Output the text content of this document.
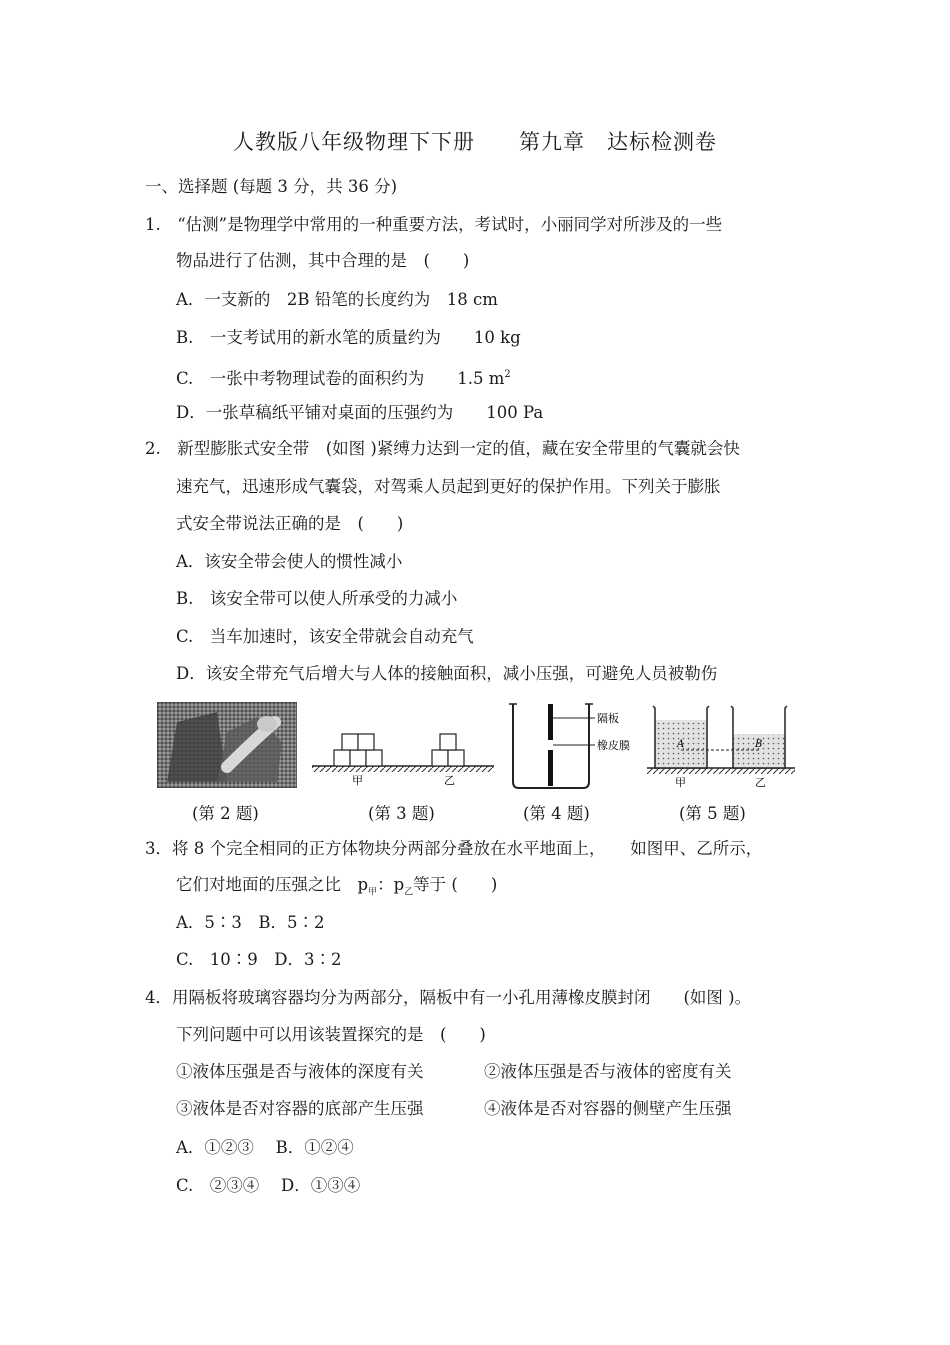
人教版八年级物理下下册　　第九章　达标检测卷
一、选择题 (每题 3 分，共 36 分)
1.　“估测”是物理学中常用的一种重要方法，考试时，小丽同学对所涉及的一些
物品进行了估测，其中合理的是　(　　)
A．一支新的　2B 铅笔的长度约为　18 cm
B.　一支考试用的新水笔的质量约为　　10 kg
C.　一张中考物理试卷的面积约为　　1.5 $m^2$
D．一张草稿纸平铺对桌面的压强约为　　100 Pa
2.　新型膨胀式安全带　(如图 )紧缚力达到一定的值，藏在安全带里的气囊就会快
速充气，迅速形成气囊袋，对驾乘人员起到更好的保护作用。下列关于膨胀
式安全带说法正确的是　(　　)
A．该安全带会使人的惯性减小
B.　该安全带可以使人所承受的力减小
C.　当车加速时，该安全带就会自动充气
D．该安全带充气后增大与人体的接触面积，减小压强，可避免人员被勒伤
甲	乙
隔板
橡皮膜	A	B
甲	乙
(第 2 题)	(第 3 题)	(第 4 题)	(第 5 题)
3．将 8 个完全相同的正方体物块分两部分叠放在水平地面上，　　如图甲、乙所示，
它们对地面的压强之比　$p_甲$：$p_乙$等于 (　　)
A．5∶3　B．5∶2
C.　10∶9　D．3∶2
4．用隔板将玻璃容器均分为两部分，隔板中有一小孔用薄橡皮膜封闭　　(如图 )。
下列问题中可以用该装置探究的是　(　　)
①液体压强是否与液体的深度有关	②液体压强是否与液体的密度有关
③液体是否对容器的底部产生压强	④液体是否对容器的侧壁产生压强
A．①②③　 B．①②④
C.　②③④　 D．①③④
